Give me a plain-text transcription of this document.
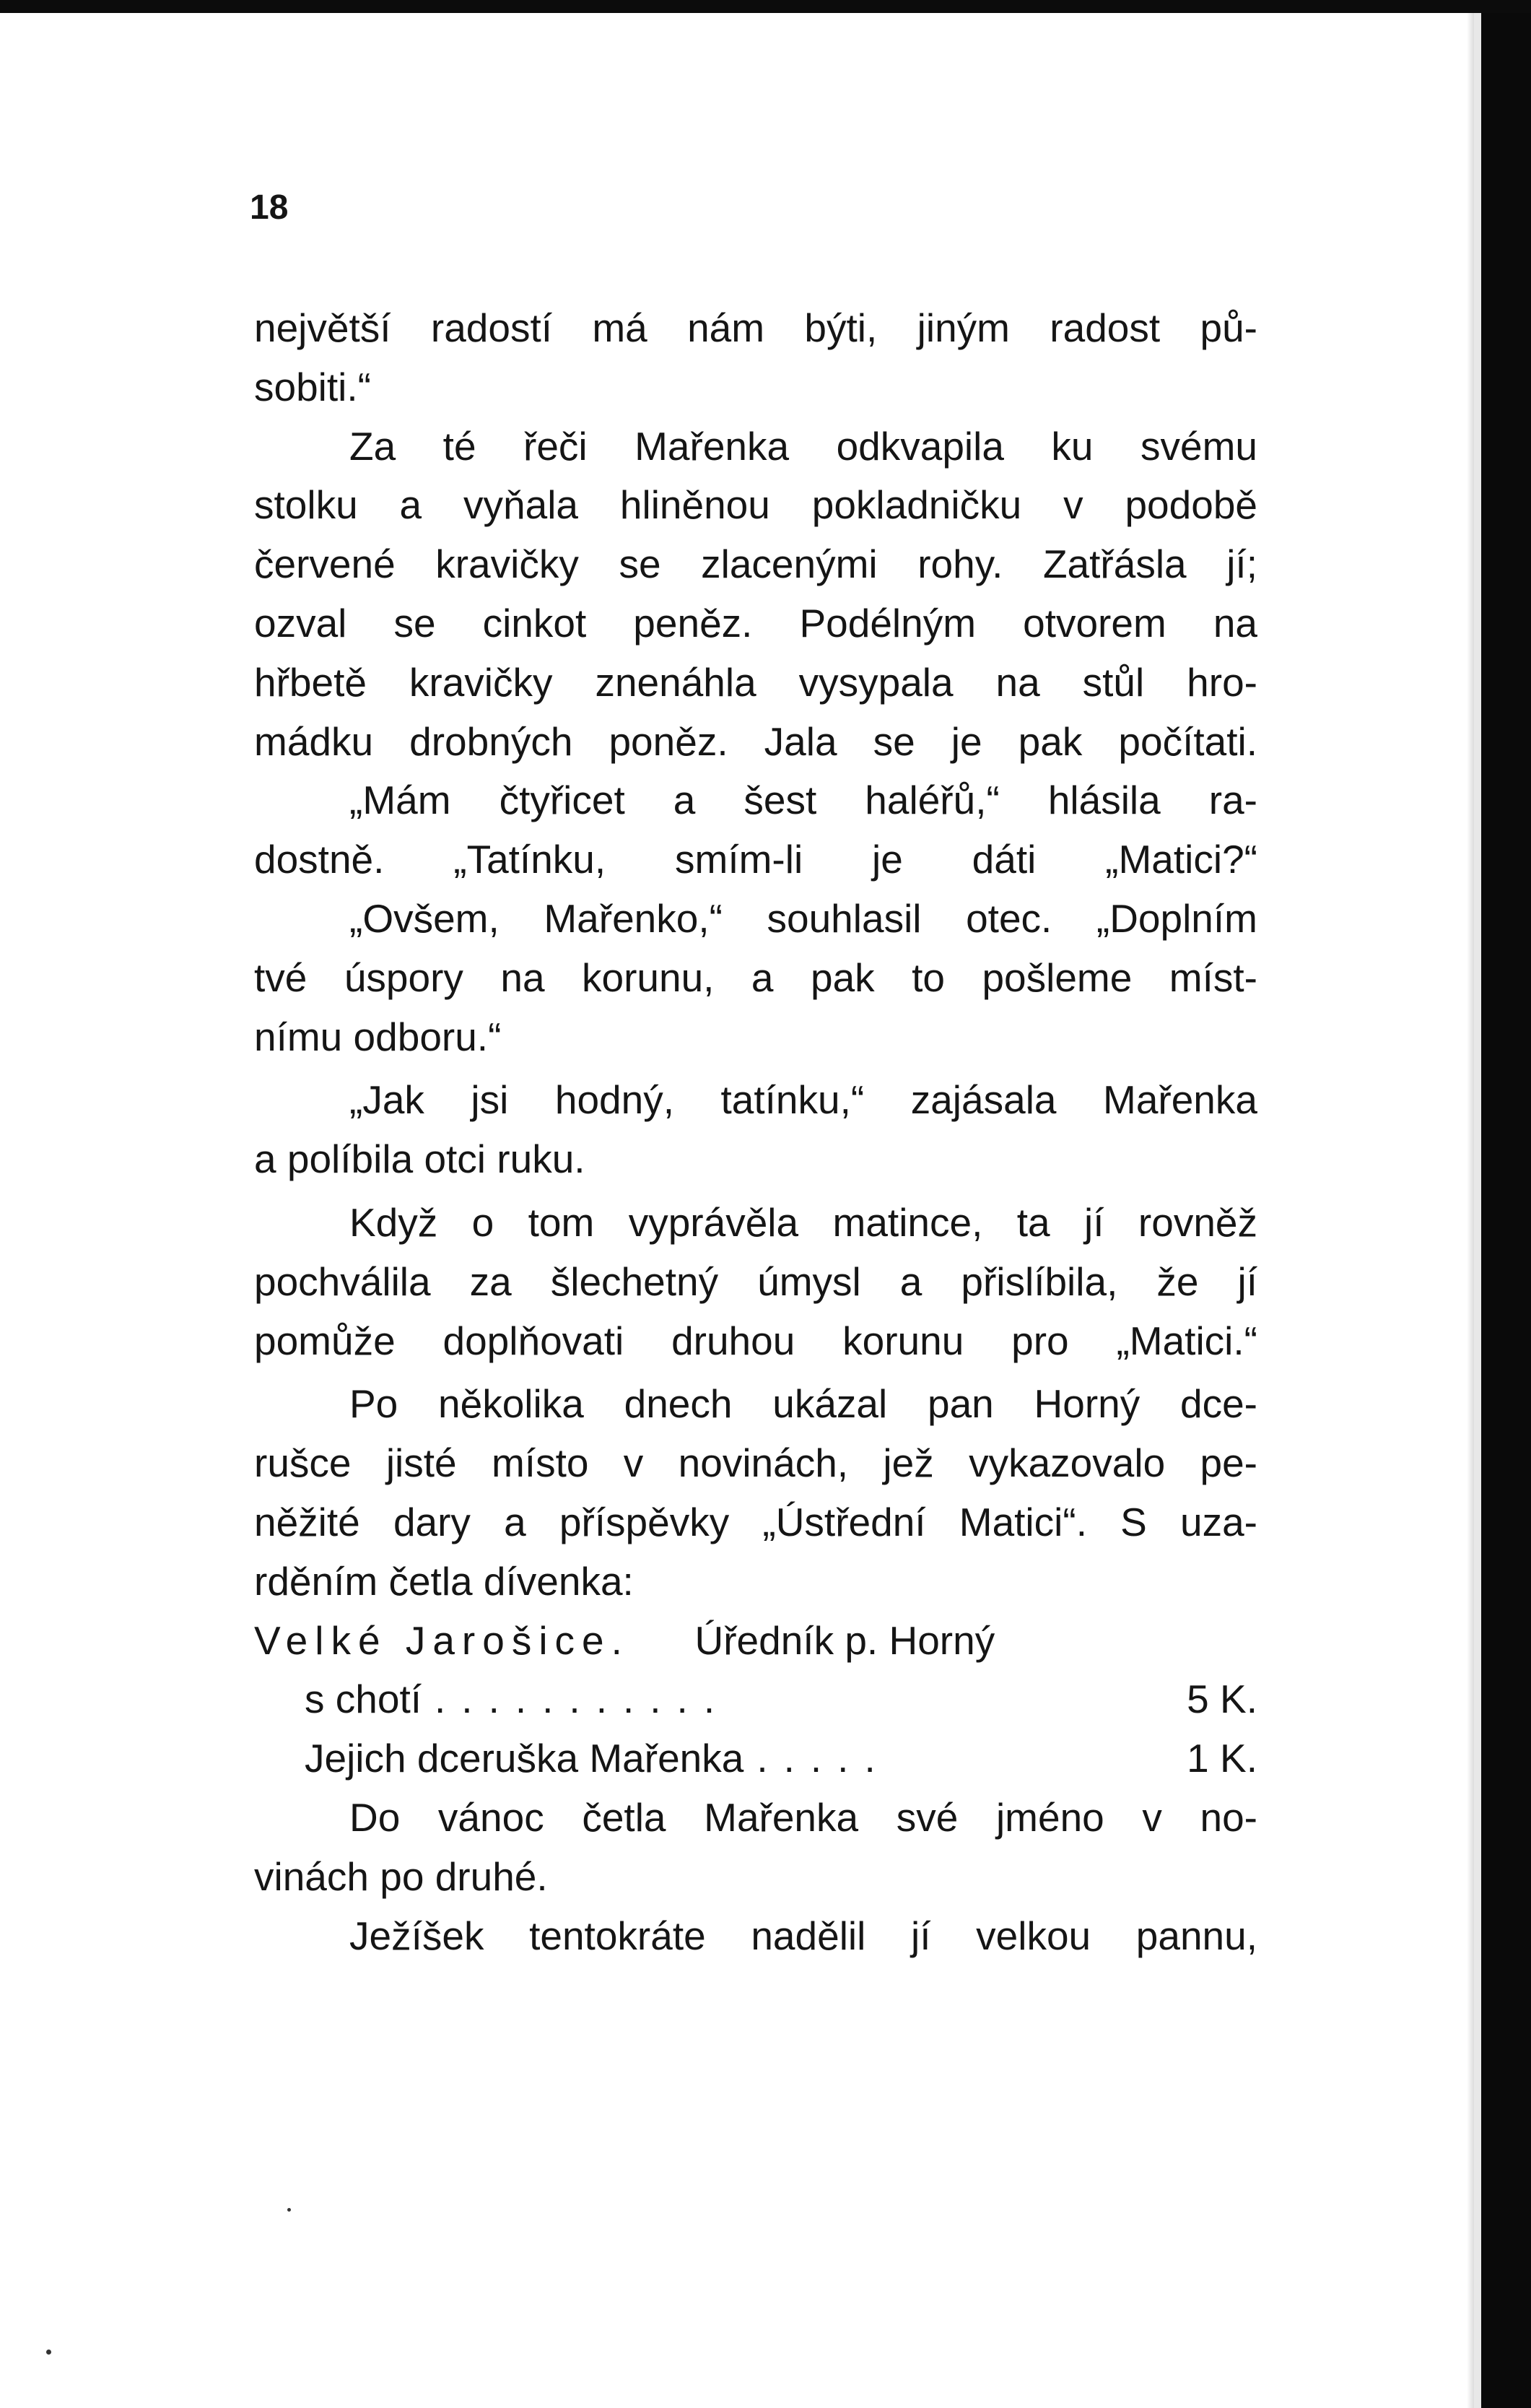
18
největší radostí má nám býti, jiným radost pů-
sobiti.“
Za té řeči Mařenka odkvapila ku svému
stolku a vyňala hliněnou pokladničku v podobě
červené kravičky se zlacenými rohy. Zatřásla jí;
ozval se cinkot peněz. Podélným otvorem na
hřbetě kravičky znenáhla vysypala na stůl hro-
mádku drobných poněz. Jala se je pak počítati.
„Mám čtyřicet a šest haléřů,“ hlásila ra-
dostně. „Tatínku, smím-li je dáti „Matici?“
„Ovšem, Mařenko,“ souhlasil otec. „Doplním
tvé úspory na korunu, a pak to pošleme míst-
nímu odboru.“
„Jak jsi hodný, tatínku,“ zajásala Mařenka
a políbila otci ruku.
Když o tom vyprávěla matince, ta jí rovněž
pochválila za šlechetný úmysl a přislíbila, že jí
pomůže doplňovati druhou korunu pro „Matici.“
Po několika dnech ukázal pan Horný dce-
rušce jisté místo v novinách, jež vykazovalo pe-
něžité dary a příspěvky „Ústřední Matici“. S uza-
rděním četla dívenka:
Velké Jarošice. Úředník p. Horný
s chotí ...........	5 K.
Jejich dceruška Mařenka .....	1 K.
Do vánoc četla Mařenka své jméno v no-
vinách po druhé.
Ježíšek tentokráte nadělil jí velkou pannu,
